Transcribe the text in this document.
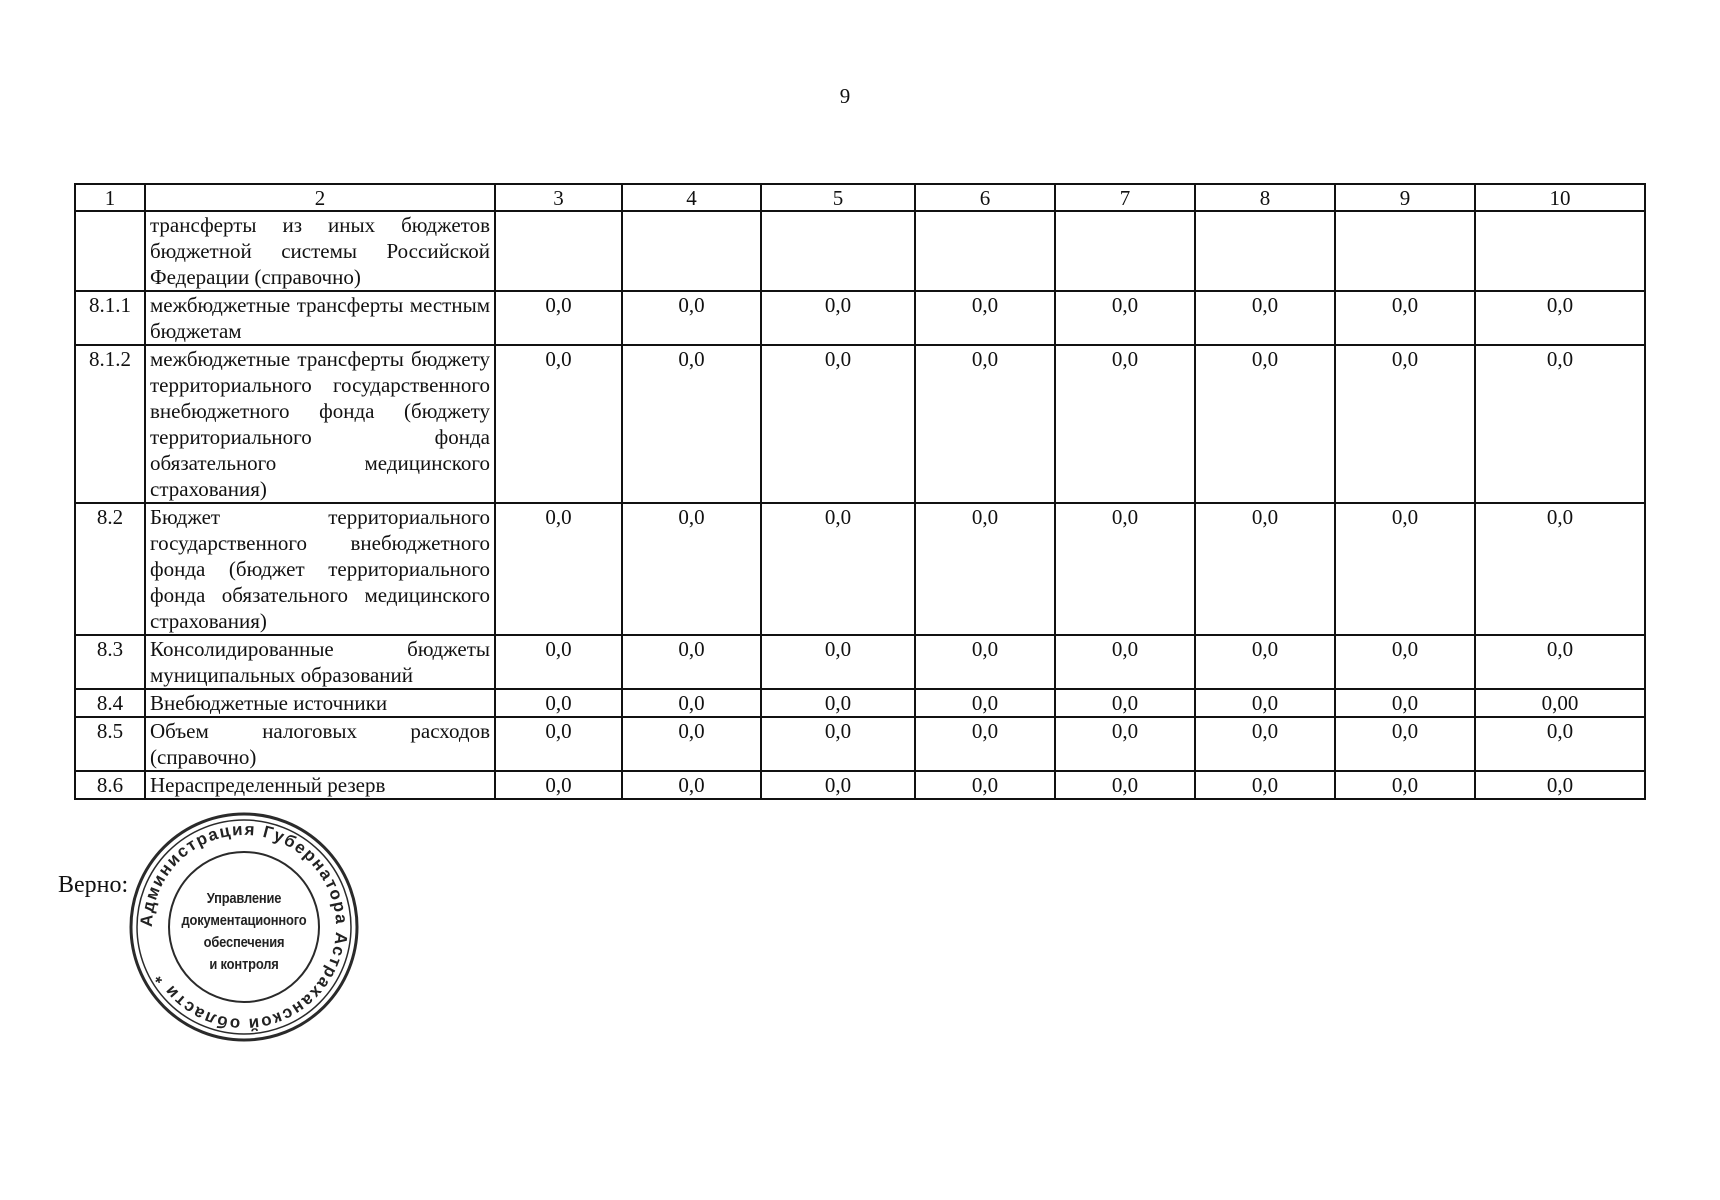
9
1	2	3	4	5	6	7	8	9	10
	трансферты из иных бюджетов бюджетной системы Российской Федерации (справочно)								
8.1.1	межбюджетные трансферты местным бюджетам	0,0	0,0	0,0	0,0	0,0	0,0	0,0	0,0
8.1.2	межбюджетные трансферты бюджету территориального государственного внебюджетного фонда (бюджету территориального фонда обязательного медицинского страхования)	0,0	0,0	0,0	0,0	0,0	0,0	0,0	0,0
8.2	Бюджет территориального государственного внебюджетного фонда (бюджет территориального фонда обязательного медицинского страхования)	0,0	0,0	0,0	0,0	0,0	0,0	0,0	0,0
8.3	Консолидированные бюджеты муниципальных образований	0,0	0,0	0,0	0,0	0,0	0,0	0,0	0,0
8.4	Внебюджетные источники	0,0	0,0	0,0	0,0	0,0	0,0	0,0	0,00
8.5	Объем налоговых расходов (справочно)	0,0	0,0	0,0	0,0	0,0	0,0	0,0	0,0
8.6	Нераспределенный резерв	0,0	0,0	0,0	0,0	0,0	0,0	0,0	0,0
Верно:
Администрация Губернатора Астраханской области *
Управление
документационного
обеспечения
и контроля
